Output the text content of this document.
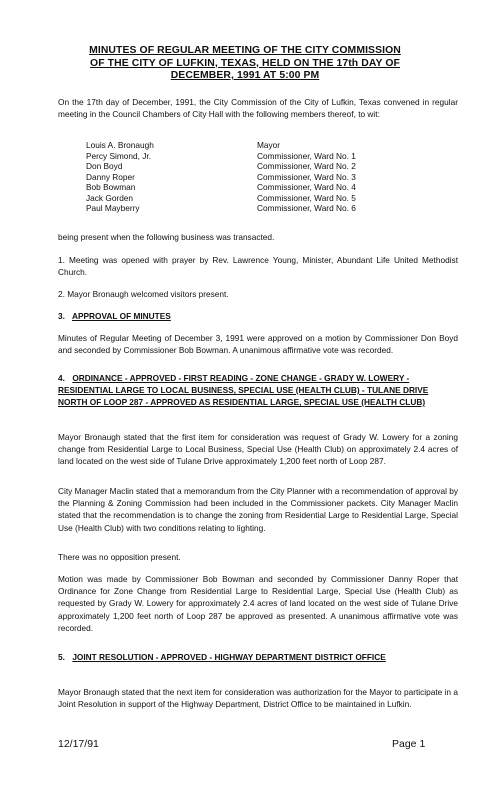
MINUTES OF REGULAR MEETING OF THE CITY COMMISSION
OF THE CITY OF LUFKIN, TEXAS, HELD ON THE 17th DAY OF
DECEMBER, 1991 AT 5:00 PM
On the 17th day of December, 1991, the City Commission of the City of Lufkin, Texas convened in regular meeting in the Council Chambers of City Hall with the following members thereof, to wit:
Louis A. Bronaugh	Mayor
Percy Simond, Jr.	Commissioner, Ward No. 1
Don Boyd	Commissioner, Ward No. 2
Danny Roper	Commissioner, Ward No. 3
Bob Bowman	Commissioner, Ward No. 4
Jack Gorden	Commissioner, Ward No. 5
Paul Mayberry	Commissioner, Ward No. 6
being present when the following business was transacted.
1. Meeting was opened with prayer by Rev. Lawrence Young, Minister, Abundant Life United Methodist Church.
2. Mayor Bronaugh welcomed visitors present.
3. APPROVAL OF MINUTES
Minutes of Regular Meeting of December 3, 1991 were approved on a motion by Commissioner Don Boyd and seconded by Commissioner Bob Bowman. A unanimous affirmative vote was recorded.
4. ORDINANCE - APPROVED - FIRST READING - ZONE CHANGE - GRADY W. LOWERY - RESIDENTIAL LARGE TO LOCAL BUSINESS, SPECIAL USE (HEALTH CLUB) - TULANE DRIVE NORTH OF LOOP 287 - APPROVED AS RESIDENTIAL LARGE, SPECIAL USE (HEALTH CLUB)
Mayor Bronaugh stated that the first item for consideration was request of Grady W. Lowery for a zoning change from Residential Large to Local Business, Special Use (Health Club) on approximately 2.4 acres of land located on the west side of Tulane Drive approximately 1,200 feet north of Loop 287.
City Manager Maclin stated that a memorandum from the City Planner with a recommendation of approval by the Planning & Zoning Commission had been included in the Commissioner packets. City Manager Maclin stated that the recommendation is to change the zoning from Residential Large to Residential Large, Special Use (Health Club) with two conditions relating to lighting.
There was no opposition present.
Motion was made by Commissioner Bob Bowman and seconded by Commissioner Danny Roper that Ordinance for Zone Change from Residential Large to Residential Large, Special Use (Health Club) as requested by Grady W. Lowery for approximately 2.4 acres of land located on the west side of Tulane Drive approximately 1,200 feet north of Loop 287 be approved as presented. A unanimous affirmative vote was recorded.
5. JOINT RESOLUTION - APPROVED - HIGHWAY DEPARTMENT DISTRICT OFFICE
Mayor Bronaugh stated that the next item for consideration was authorization for the Mayor to participate in a Joint Resolution in support of the Highway Department, District Office to be maintained in Lufkin.
12/17/91	Page 1
